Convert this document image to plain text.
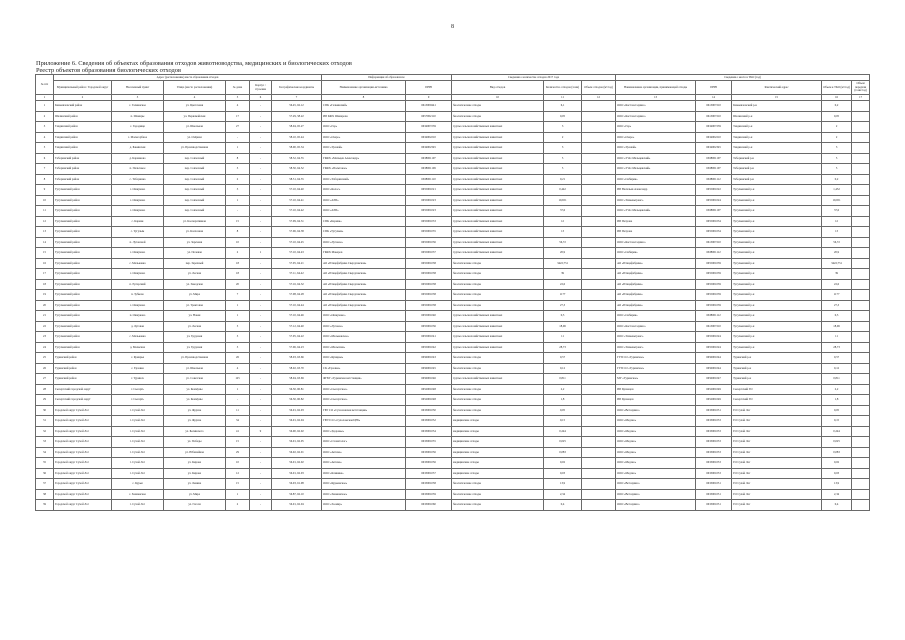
8
Приложение 6. Сведения об объектах образования отходов животноводства, медицинских и биологических отходов
Реестр объектов образования биологических отходов
№ п/п	Адрес (расположение) места образования отходов						Информация об образователе		Сведения о количестве отходов 2017 года			Сведения о месте в ТКО (год)				
	Муниципальный район / Городской округ	Населенный пункт	Улица (место расположения)	№ дома	Корпус / строение	Географические координаты	Наименование организации-источника	ИНН	Вид отходов	Количество отходов (тонн)	Объем отходов (м³/год)	Наименование организации, принимающей отходы	ИНН	Фактический адрес	Объем к ТКО (м³/год)	Объем передачи (тонн/год)
1	2	3	4	5	6	7	8	9	10	11	12	13	14	15	16	17
1	Камышловский район	с. Галкинское	ул. Цветочная	4	-	56.45, 62.12	СПК «Галкинский»	6613000441	биологические отходы	6,1		ООО «Кастом-Сервис»	6613007210	Камышловский р-н	0,2	
2	Шалинский район	п. Шамары	ул. Первомайская	17	-	57.29, 58.22	ИП КФХ Шамарова	6657002110	биологические отходы	0,05		ООО «Кастом-Сервис»	6613007210	Шалинский р-н	0,05	
3	Тавдинский район	с. Городище	ул. Школьная	27	-	58.04, 65.27	ООО «Гор»	6634007239	трупы сельскохозяйственных животных	3		ООО «Гор»	6634007239	Тавдинский р-н	2	
4	Тавдинский район	с. Мальгорбное	ул. Озёрная	-	-	58.10, 65.44	ООО «Озеро»	6634002210	трупы сельскохозяйственных животных	2		ООО «Озеро»	6634002210	Тавдинский р-н	2	
5	Тавдинский район	д. Бакинская	ул. Производственная	1	-	58.00, 65.34	ООО «Урожай»	6634002345	трупы сельскохозяйственных животных	3		ООО «Урожай»	6634002345	Тавдинский р-н	3	
6	Таборинский район	д. Кармаково	пер. Совхозный	8	-	58.52, 64.55	ГКФХ «Мальцев Александр»	6638001107	трупы сельскохозяйственных животных	5		ООО «Утёс-Мальцевский»	6638001107	Таборинский р-н	5	
7	Таборинский район	п. Пальтокое	пер. Совхозный	3	-	58.50, 64.52	ГКФХ «Пальтокое»	6638001109	трупы сельскохозяйственных животных	5		ООО «Утёс-Мальцевский»	6638001107	Таборинский р-н	5	
8	Таборинский район	с. Таборинка	пер. Совхозный	2	-	58.51, 64.55	ООО «Таборинский»	6638001110	трупы сельскохозяйственных животных	0,21		ООО «Сибиряк»	6638001112	Таборинский р-н	0,2	
9	Тугулымский район	с. Ошкуково	пер. Совхозный	3	-	57.10, 64.40	ООО «Колос»	6655001021	трупы сельскохозяйственных животных	0,442		ИП Васильев Александр	6655001022	Тугулымский р-н	1,452	
10	Тугулымский район	с. Ошкуково	пер. Совхозный	1	-	57.10, 64.41	ООО «АТП»	6655001023	трупы сельскохозяйственных животных	19,651		ООО «Тюменьтранс»	6655001024	Тугулымский р-н	19,651	
11	Тугулымский район	с. Ошкуково	пер. Совхозный	-	-	57.10, 64.42	ООО «АТП»	6655001023	трупы сельскохозяйственных животных	37,6		ООО «Утёс-Мальцевский»	6638001107	Тугулымский р-н	37,6	
12	Тугулымский район	с. Кармак	ул. Кооперативная	15	-	57.09, 64.31	СПК «Кармак»	6655001033	трупы сельскохозяйственных животных	12		ИП Петрова	6655001034	Тугулымский р-н	12	
13	Тугулымский район	с. Тугулым	ул. Колхозная	8	-	57.06, 64.38	СПК «Тугулым»	6655001035	трупы сельскохозяйственных животных	13		ИП Петрова	6655001034	Тугулымский р-н	13	
14	Тугулымский район	п. Луговской	ул. Заречная	10	-	57.10, 64.45	ООО «Луговое»	6655001036	трупы сельскохозяйственных животных	56,72		ООО «Кастом-Сервис»	6613007210	Тугулымский р-н	56,72	
15	Тугулымский район	с. Ошкуково	ул. Полевая	2	1	57.10, 64.43	ГКФХ Макаров	6655001037	трупы сельскохозяйственных животных	20,9		ООО «Сибиряк»	6638001112	Тугулымский р-н	20,9	
16	Тугулымский район	с. Мальковка	пер. Заречный	18	-	57.05, 64.21	АО «Птицефабрика Свердловская»	6655001038	биологические отходы	3422,751		АО «Птицефабрика»	6655001039	Тугулымский р-н	3422,751	
17	Тугулымский район	с. Ошкуково	ул. Лесная	18	-	57.11, 64.42	АО «Птицефабрика Свердловская»	6655001038	биологические отходы	39		АО «Птицефабрика»	6655001039	Тугулымский р-н	39	
18	Тугулымский район	п. Ертарский	ул. Заводская	20	-	57.16, 64.32	АО «Птицефабрика Свердловская»	6655001038	биологические отходы	22,6		АО «Птицефабрика»	6655001039	Тугулымский р-н	22,6	
19	Тугулымский район	п. Зубково	ул. Мира	7	-	57.08, 64.28	АО «Птицефабрика Свердловская»	6655001038	биологические отходы	1177		АО «Птицефабрика»	6655001039	Тугулымский р-н	1177	
20	Тугулымский район	с. Ошкуково	ул. Трактовая	1	-	57.10, 64.44	АО «Птицефабрика Свердловская»	6655001038	биологические отходы	27,3		АО «Птицефабрика»	6655001039	Тугулымский р-н	27,3	
21	Тугулымский район	п. Ошкуково	ул. Новая	1	-	57.10, 64.46	ООО «Ошкуково»	6655001040	трупы сельскохозяйственных животных	0,5		ООО «Сибиряк»	6638001112	Тугулымский р-н	0,5	
22	Тугулымский район	д. Луговая	ул. Лесная	5	-	57.12, 64.40	ООО «Луговое»	6655001036	трупы сельскохозяйственных животных	18,06		ООО «Кастом-Сервис»	6613007210	Тугулымский р-н	18,06	
23	Тугулымский район	с. Мальковка	ул. Трудовая	3	-	57.05, 64.22	ООО «Мальковское»	6655001041	трупы сельскохозяйственных животных	11		ООО «Тюменьтранс»	6655001024	Тугулымский р-н	11	
24	Тугулымский район	д. Мальгина	ул. Трудовая	3	-	57.06, 64.23	ООО «Мальгина»	6655001042	трупы сельскохозяйственных животных	28,73		ООО «Тюменьтранс»	6655001024	Тугулымский р-н	28,73	
25	Туринский район	с. Кумарья	ул. Производственная	26	-	58.03, 63.66	ООО «Кумарья»	6656001043	биологические отходы	0,57		ГУП СО «Туринское»	6656001044	Туринский р-н	0,57	
26	Туринский район	с. Ерзовка	ул. Школьная	4	-	58.02, 63.70	СК «Ерзовка»	6656001045	биологические отходы	0,12		ГУП СО «Туринское»	6656001044	Туринский р-н	0,12	
27	Туринский район	г. Туринск	ул. Советская	125	-	58.04, 63.69	ФГБУ «Туринская ветстанция»	6656001046	трупы сельскохозяйственных животных	0,811		МУ «Туринское»	6656001047	Туринский р-н	0,811	
28	Сысертский городской округ	г. Сысерть	ул. Коммуны	1	-	56.50, 60.81	ООО «Сысертское»	6652001048	биологические отходы	2,2		ИП Кузнецов	6652001049	Сысертский ГО	2,2	
29	Сысертский городской округ	г. Сысерть	ул. Коммуны	-	-	56.50, 60.82	ООО «Сысертское»	6652001048	биологические отходы	1,8		ИП Кузнецов	6652001049	Сысертский ГО	1,8	
30	Городской округ Сухой Лог	г. Сухой Лог	ул. Фрунзе	11	-	56.91, 62.03	ГБУ СО «Сухоложская ветстанция»	6633001050	биологические отходы	0,05		ООО «Ветсервис»	6633001051	ГО Сухой Лог	0,05	
31	Городской округ Сухой Лог	г. Сухой Лог	ул. Фрунзе	34	-	56.91, 62.04	ГБУЗ СО «Сухоложская ЦРБ»	6633001052	медицинские отходы	0,15		ООО «Медэко»	6633001053	ГО Сухой Лог	0,15	
32	Городской округ Сухой Лог	г. Сухой Лог	ул. Белинского	41	9	56.90, 62.02	ООО «Здоровье»	6633001054	медицинские отходы	0,244		ООО «Медэко»	6633001053	ГО Сухой Лог	0,244	
33	Городской округ Сухой Лог	г. Сухой Лог	ул. Победы	15	-	56.91, 62.05	ООО «Стоматолог»	6633001055	медицинские отходы	0,025		ООО «Медэко»	6633001053	ГО Сухой Лог	0,025	
34	Городской округ Сухой Лог	г. Сухой Лог	ул. Юбилейная	29	-	56.92, 62.01	ООО «Аптека»	6633001056	медицинские отходы	0,083		ООО «Медэко»	6633001053	ГО Сухой Лог	0,083	
35	Городской округ Сухой Лог	г. Сухой Лог	ул. Кирова	10	-	56.91, 62.02	ООО «Аптека»	6633001056	медицинские отходы	0,02		ООО «Медэко»	6633001053	ГО Сухой Лог	0,02	
36	Городской округ Сухой Лог	г. Сухой Лог	ул. Кирова	12	-	56.91, 62.03	ООО «Клиника»	6633001057	медицинские отходы	0,03		ООО «Медэко»	6633001053	ГО Сухой Лог	0,03	
37	Городской округ Сухой Лог	с. Курьи	ул. Ленина	15	-	56.93, 61.98	ООО «Курьинское»	6633001058	биологические отходы	13,9		ООО «Ветсервис»	6633001051	ГО Сухой Лог	13,9	
38	Городской округ Сухой Лог	с. Знаменское	ул. Мира	1	-	56.87, 62.10	ООО «Знаменское»	6633001059	биологические отходы	2,34		ООО «Ветсервис»	6633001051	ГО Сухой Лог	2,34	
39	Городской округ Сухой Лог	г. Сухой Лог	ул. Гоголя	2	-	56.91, 62.04	ООО «Зоомир»	6633001060	биологические отходы	0,4		ООО «Ветсервис»	6633001051	ГО Сухой Лог	0,4	
